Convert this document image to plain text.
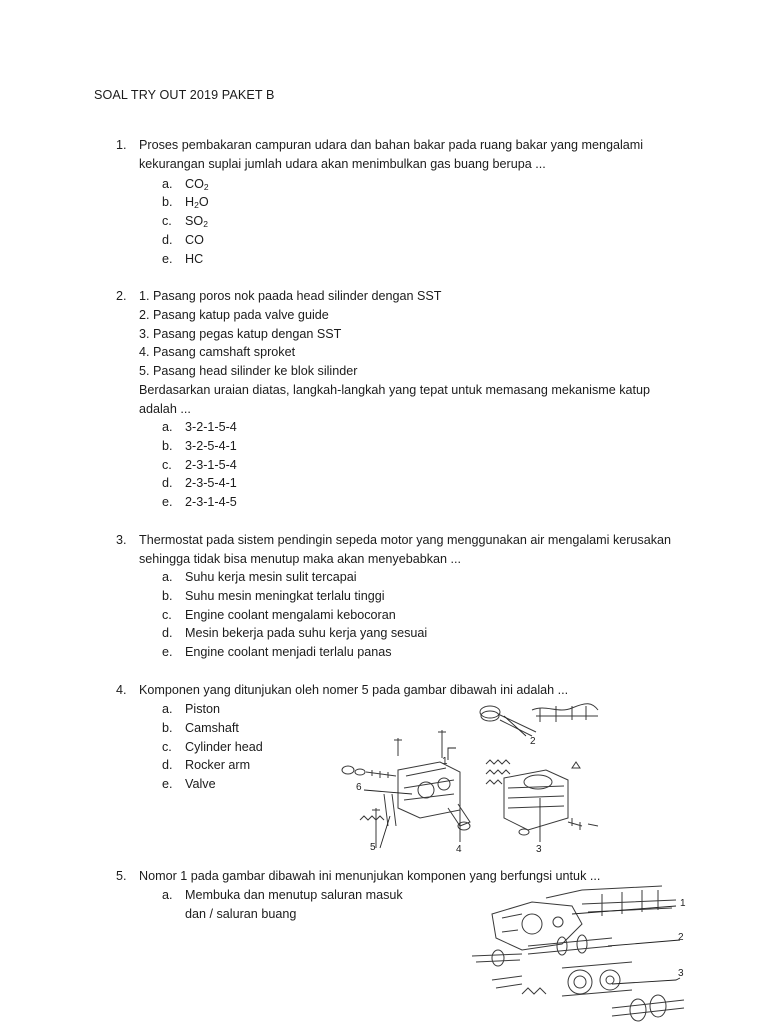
SOAL TRY OUT 2019 PAKET B
1. Proses pembakaran campuran udara dan bahan bakar pada ruang bakar yang mengalami kekurangan suplai jumlah udara akan menimbulkan gas buang berupa ...
a. $CO_2$
b. $H_2O$
c. $SO_2$
d. CO
e. HC
2. 1. Pasang poros nok paada head silinder dengan SST
2. Pasang katup pada valve guide
3. Pasang pegas katup dengan SST
4. Pasang camshaft sproket
5. Pasang head silinder ke blok silinder
Berdasarkan uraian diatas, langkah-langkah yang tepat untuk memasang mekanisme katup adalah ...
a. 3-2-1-5-4
b. 3-2-5-4-1
c. 2-3-1-5-4
d. 2-3-5-4-1
e. 2-3-1-4-5
3. Thermostat pada sistem pendingin sepeda motor yang menggunakan air mengalami kerusakan sehingga tidak bisa menutup maka akan menyebabkan ...
a. Suhu kerja mesin sulit tercapai
b. Suhu mesin meningkat terlalu tinggi
c. Engine coolant mengalami kebocoran
d. Mesin bekerja pada suhu kerja yang sesuai
e. Engine coolant menjadi terlalu panas
4. Komponen yang ditunjukan oleh nomer 5 pada gambar dibawah ini adalah ...
a. Piston
b. Camshaft
c. Cylinder head
d. Rocker arm
e. Valve
1
2
3
4
5
6
5. Nomor 1 pada gambar dibawah ini menunjukan komponen yang berfungsi untuk ...
a. Membuka dan menutup saluran masuk
dan / saluran buang
1
2
3
